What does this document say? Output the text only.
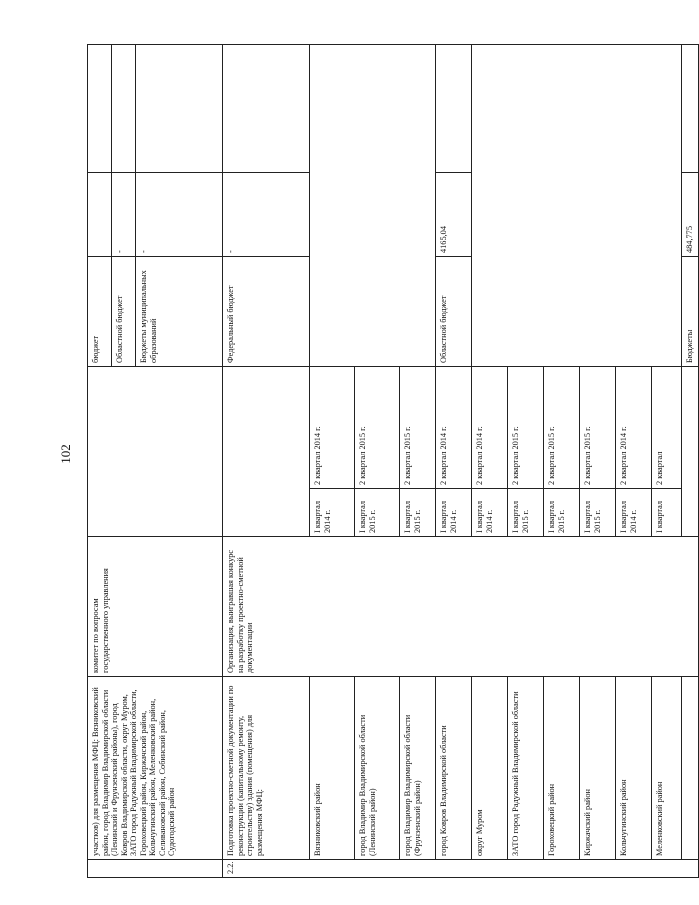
102
	участков) для размещения МФЦ: Вязниковский район, город Владимир Владимирской области (Ленинский и Фрунзенский районы), город Ковров Владимирской области, округ Муром, ЗАТО город Радужный Владимирской области, Гороховецкий район, Киржачский район, Кольчугинский район, Меленковский район, Селивановский район, Собинский район, Судогодский район	комитет по вопросам государственного управления			бюджет		
					Областной бюджет	-	
					Бюджеты муниципальных образований	-	
2.2.	Подготовка проектно-сметной документации по реконструкции (капитальному ремонту, строительству) здания (помещения) для размещения МФЦ:	Организация, выигравшая конкурс на разработку проектно-сметной документации			Федеральный бюджет	-	
	Вязниковский район		I квартал 2014 г.	2 квартал 2014 г.			
	город Владимир Владимирской области (Ленинский район)		I квартал 2015 г.	2 квартал 2015 г.			
	город Владимир Владимирской области (Фрунзенский район)		I квартал 2015 г.	2 квартал 2015 г.			
	город Ковров Владимирской области		I квартал 2014 г.	2 квартал 2014 г.	Областной бюджет	4165,04	
	округ Муром		I квартал 2014 г.	2 квартал 2014 г.			
	ЗАТО город Радужный Владимирской области		I квартал 2015 г.	2 квартал 2015 г.			
	Гороховецкий район		I квартал 2015 г.	2 квартал 2015 г.			
	Киржачский район		I квартал 2015 г.	2 квартал 2015 г.			
	Кольчугинский район		I квартал 2014 г.	2 квартал 2014 г.			
	Меленковский район		I квартал	2 квартал			
					Бюджеты	484,775	
